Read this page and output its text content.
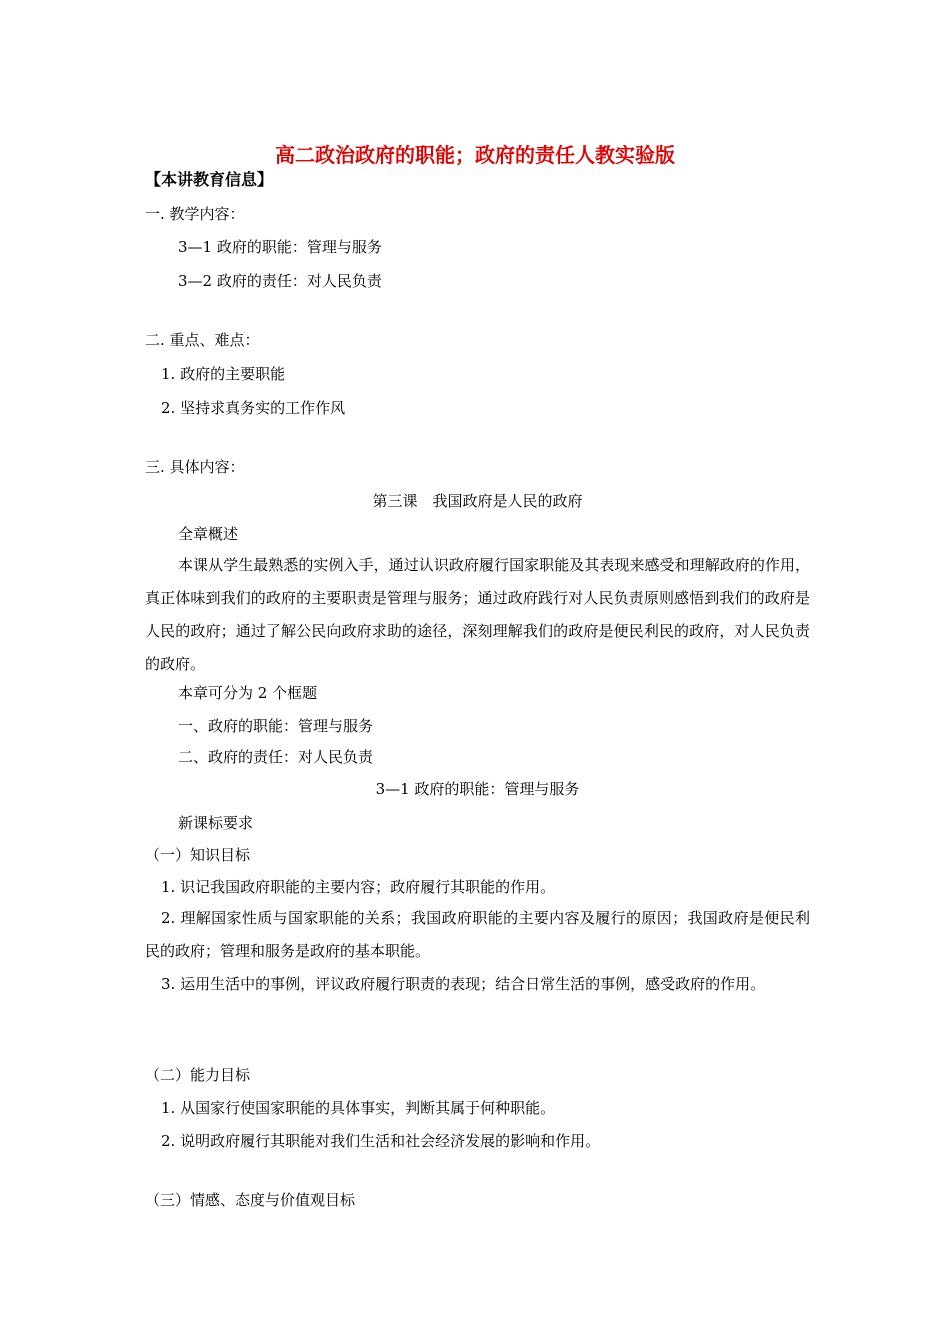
高二政治政府的职能；政府的责任人教实验版
【本讲教育信息】
一. 教学内容：
3—1 政府的职能：管理与服务
3—2 政府的责任：对人民负责
二. 重点、难点：
1. 政府的主要职能
2. 坚持求真务实的工作作风
三. 具体内容：
第三课　我国政府是人民的政府
全章概述
本课从学生最熟悉的实例入手，通过认识政府履行国家职能及其表现来感受和理解政府的作用，真正体味到我们的政府的主要职责是管理与服务；通过政府践行对人民负责原则感悟到我们的政府是人民的政府；通过了解公民向政府求助的途径，深刻理解我们的政府是便民利民的政府，对人民负责的政府。
本章可分为 2 个框题
一、政府的职能：管理与服务
二、政府的责任：对人民负责
3—1 政府的职能：管理与服务
新课标要求
（一）知识目标
1. 识记我国政府职能的主要内容；政府履行其职能的作用。
2. 理解国家性质与国家职能的关系；我国政府职能的主要内容及履行的原因；我国政府是便民利民的政府；管理和服务是政府的基本职能。
3. 运用生活中的事例，评议政府履行职责的表现；结合日常生活的事例，感受政府的作用。
（二）能力目标
1. 从国家行使国家职能的具体事实，判断其属于何种职能。
2. 说明政府履行其职能对我们生活和社会经济发展的影响和作用。
（三）情感、态度与价值观目标
